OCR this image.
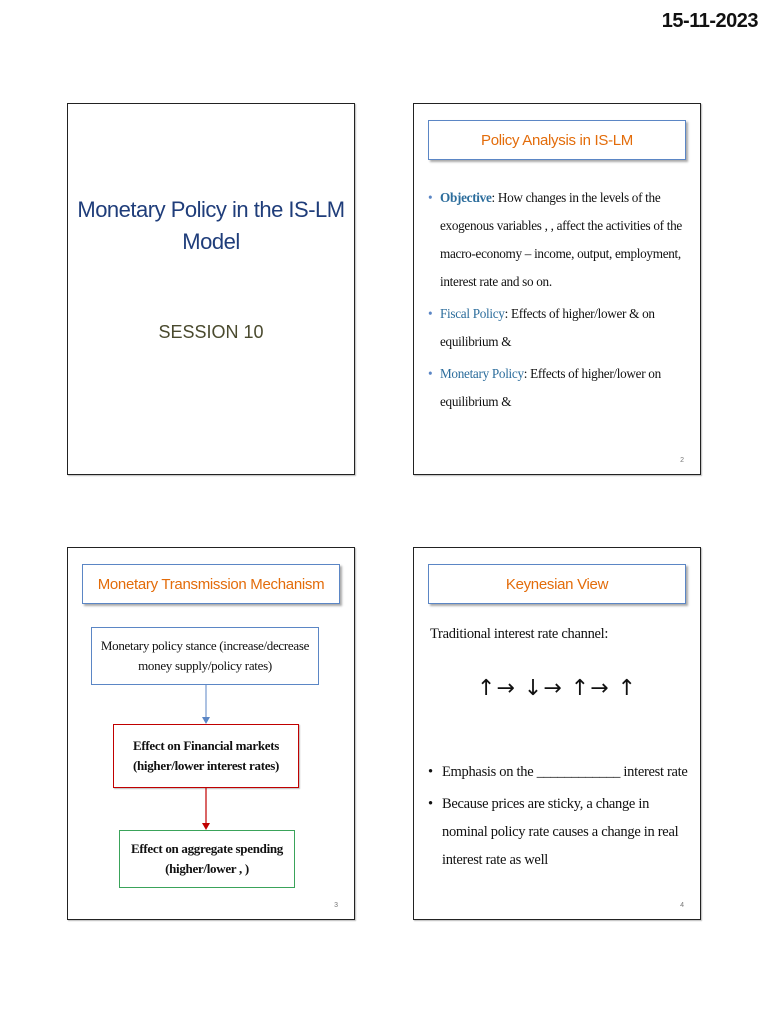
15-11-2023
Monetary Policy in the IS-LM
Model
SESSION 10
Policy Analysis in IS-LM
• Objective: How changes in the levels of the exogenous variables , , affect the activities of the macro-economy – income, output, employment, interest rate and so on.
• Fiscal Policy: Effects of higher/lower & on equilibrium &
• Monetary Policy: Effects of higher/lower on equilibrium &
2
Monetary Transmission Mechanism
Monetary policy stance (increase/decrease
money supply/policy rates)
Effect on Financial markets
(higher/lower interest rates)
Effect on aggregate spending
(higher/lower , )
3
Keynesian View
Traditional interest rate channel:
↑→ ↓→ ↑→ ↑
• Emphasis on the ____________ interest rate
• Because prices are sticky, a change in nominal policy rate causes a change in real interest rate as well
4
